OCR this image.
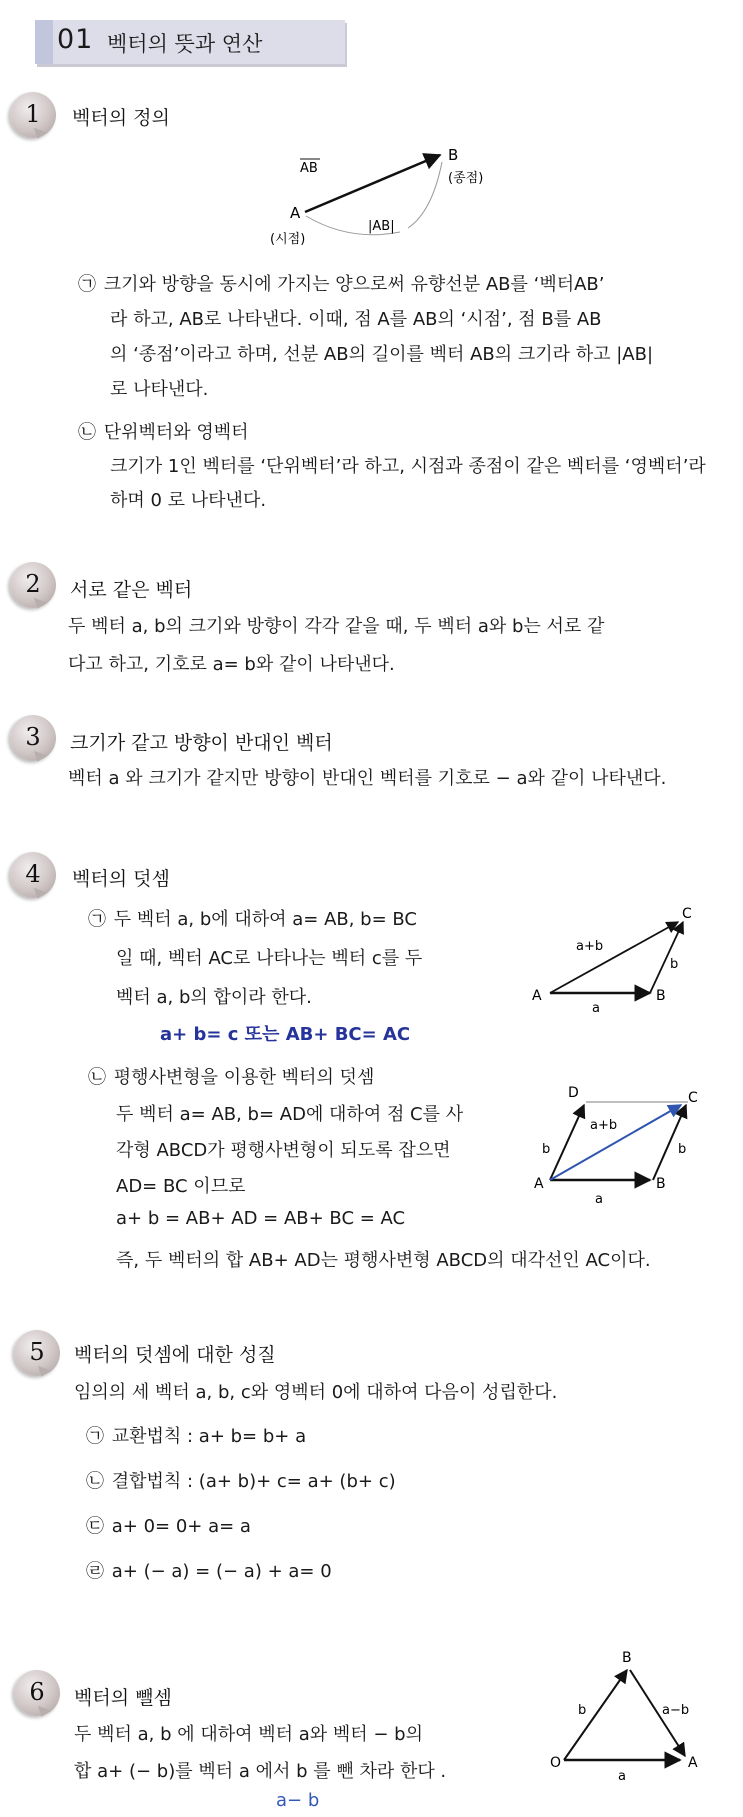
01 벡터의 뜻과 연산
1	벡터의 정의
A
B
AB
|AB|
(시점)
(종점)
㉠ 크기와 방향을 동시에 가지는 양으로써 유향선분 AB를 ‘벡터AB’
라 하고, AB로 나타낸다. 이때, 점 A를 AB의 ‘시점’, 점 B를 AB
의 ‘종점’이라고 하며, 선분 AB의 길이를 벡터 AB의 크기라 하고 |AB|
로 나타낸다.
㉡ 단위벡터와 영벡터
크기가 1인 벡터를 ‘단위벡터’라 하고, 시점과 종점이 같은 벡터를 ‘영벡터’라
하며 0 로 나타낸다.
2	서로 같은 벡터
두 벡터 a, b의 크기와 방향이 각각 같을 때, 두 벡터 a와 b는 서로 같
다고 하고, 기호로 a= b와 같이 나타낸다.
3	크기가 같고 방향이 반대인 벡터
벡터 a 와 크기가 같지만 방향이 반대인 벡터를 기호로 − a와 같이 나타낸다.
4	벡터의 덧셈
㉠ 두 벡터 a, b에 대하여 a= AB, b= BC
일 때, 벡터 AC로 나타나는 벡터 c를 두
벡터 a, b의 합이라 한다.
a+ b= c 또는 AB+ BC= AC
A	B
C
a
b
a+b
㉡ 평행사변형을 이용한 벡터의 덧셈
두 벡터 a= AB, b= AD에 대하여 점 C를 사
각형 ABCD가 평행사변형이 되도록 잡으면
AD= BC 이므로
a+ b = AB+ AD = AB+ BC = AC
즉, 두 벡터의 합 AB+ AD는 평행사변형 ABCD의 대각선인 AC이다.
A	B
C
D
a
b	b
a+b
5	벡터의 덧셈에 대한 성질
임의의 세 벡터 a, b, c와 영벡터 0에 대하여 다음이 성립한다.
㉠ 교환법칙 : a+ b= b+ a
㉡ 결합법칙 : (a+ b)+ c= a+ (b+ c)
㉢ a+ 0= 0+ a= a
㉣ a+ (− a) = (− a) + a= 0
6	벡터의 뺄셈
두 벡터 a, b 에 대하여 벡터 a와 벡터 − b의
합 a+ (− b)를 벡터 a 에서 b 를 뺀 차라 한다 .
a− b
O	A
B
a
b	a−b
